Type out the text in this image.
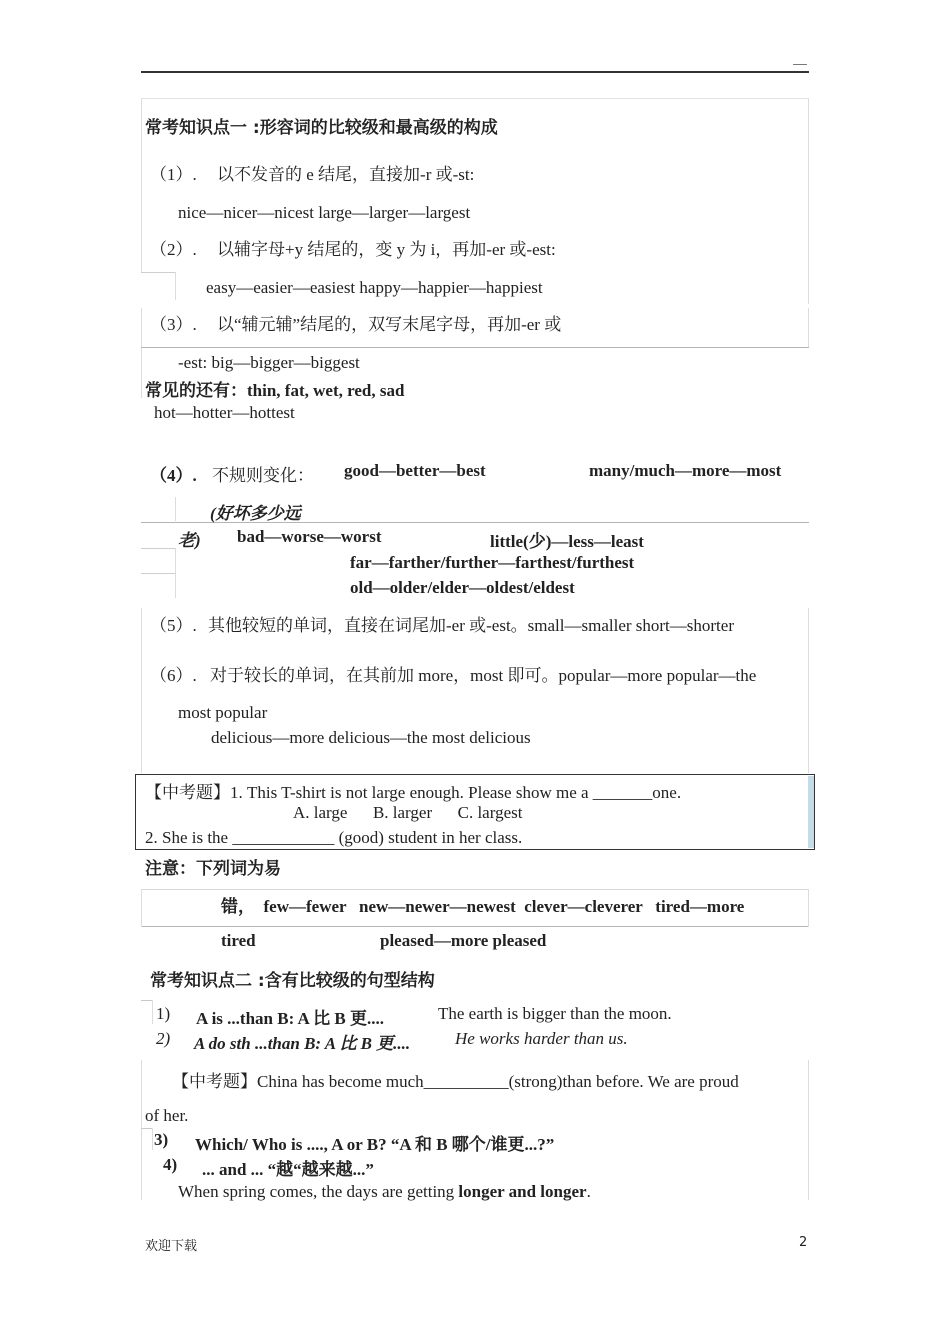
常考知识点一 :形容词的比较级和最高级的构成
（1）. 以不发音的 e 结尾，直接加-r 或-st:
nice—nicer—nicest large—larger—largest
（2）. 以辅字母+y 结尾的，变 y 为 i，再加-er 或-est:
easy—easier—easiest happy—happier—happiest
（3）. 以“辅元辅”结尾的，双写末尾字母，再加-er 或
-est: big—bigger—biggest
常见的还有：thin, fat, wet, red, sad
hot—hotter—hottest
（4）. 不规则变化： good—better—best	many/much—more—most
(好坏多少远
老) bad—worse—worst	little(少)—less—least
far—farther/further—farthest/furthest
old—older/elder—oldest/eldest
（5）. 其他较短的单词，直接在词尾加-er 或-est。small—smaller short—shorter
（6）. 对于较长的单词，在其前加 more，most 即可。popular—more popular—the
most popular
delicious—more delicious—the most delicious
【中考题】1. This T-shirt is not large enough. Please show me a _______one.
A. large      B. larger      C. largest
2. She is the ____________ (good) student in her class.
注意：下列词为易
错，  few—fewer   new—newer—newest  clever—cleverer   tired—more
tired	pleased—more pleased
常考知识点二 :含有比较级的句型结构
1) A is ...than B: A 比 B 更....	The earth is bigger than the moon.
2) A do sth ...than B: A 比 B 更....	He works harder than us.
【中考题】China has become much__________(strong)than before. We are proud
of her.
3) Which/ Who is ...., A or B? “A 和 B 哪个/谁更...?”
4) ... and ... “越“越来越...”
When spring comes, the days are getting longer and longer.
欢迎下载	2
